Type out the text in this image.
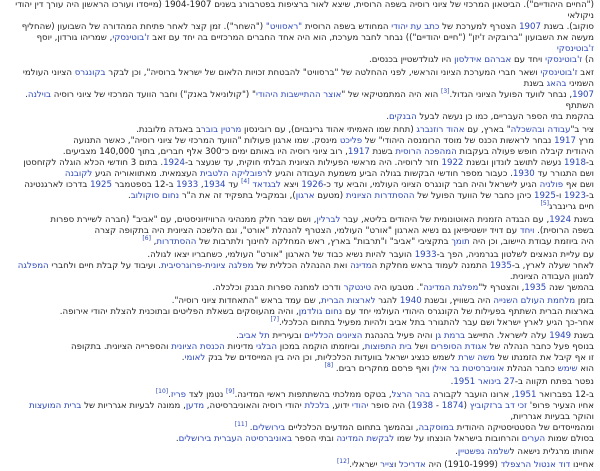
("החיים היהודיים"). הביטאון המרכזי של ציוני רוסיה בשפה הרוסית, שיצא לאור ברציפות בפטרבורג בשנים 1904-1907 (מייסדו ועורכו הראשון היה עורך דין יהודי ניקולאי
סוקוב). בשנת 1907 הצטרף למערכת של כתב עת יהודי המחודש בשפה הרוסית "ראסוויט" ("השחר"). זמן קצר לאחר פתיחת המהדורה של השבועון (שהחליף
מעשה את השבועון "ברובקיה ז'יזן" ("חיים יהודיים")) נבחר לחבר מערכת, הוא היה אחד החברים המרכזיים בה יחד עם זאב ז'בוטינסקי, שמריהו גורדון, יוסף ז'בוטינסקי
ה) ז'בוטינסקי ויחד עם אברהם אידלסון היו לגולדשטיין בכנסים.

זאב ז'בוטינסקי ושאר חברי המערכת הציוני והראשי, לפני ההחלטה של "ברסוויט" להבטחת זכויות הלאום של ישראל ברוסיה", וכן לבקר בקונגרס הציוני העולמי השמיני בהאג בשנת
1907, נבחר לוועד הפועל הציוני הגדול.[3] הוא היה המתמטיקאי של "אוצר ההתיישבות היהודי" ("קולוניאל באנק") וחבר הוועד המרכזי של ציוני רוסיה בוילנה. השתתף
בהקמת בתי הספר העבריים, כמו כן נעשה לבעל הבנקים.

ציר ב"עבודה ובהשכלה" בארץ, עם אהוד רוזנברג (תחת שמו האמיתי אהוד גרינבוים), עם רובינסון מרטין בוברב באגדה מלובנת.
מרץ 1917 נבחר לראשות הכנס של מוסד הרומנסה היהודי" של פליכט מינסק. שמו ארגון פעולות "הוועד המרכזי של ציוני רוסיה", כאשר התנועה
היהודית קיבלה חופש פעולה בעקבות המהפכה הרוסית בשנת 1917, רוב ציוני רוסיה היו באותם ימים כ־300 אלף חברים, בתוך 140,000 מצביעים.
ב-1918 נעשה לתושב לונדון ובשנת 1922 חזר לרוסיה. היה מראשי הפעילות הציונית הבלתי חוקית, עד שנעצר ב-1924. בתום 3 חודשי הכלא הוגלה לקזחסטן
ושם התגורר עד 1930. כעבור מספר חודשי הבקשות בגולה הביע משמעת העבודה והגיע לרפובליקה הלטבית העצמאית. מאתוואוריה הגיע לקובנה
ושם אף פולניה הגיע לישראל והיה חבר קונגרס הציוני העולמי, והביא עד כ-1926 ויצא לבגדאד [4] עד 1934, 1933 ב-12 בספטמבר 1925 בדרכו לארגנטינה
ב-1923 ו-1925 כיהן כחבר של הוועד הפועל של ההסתדרות הציונית (מטעם ארגון), ובמקביל בתפקיד זה את ה"ר נחום סוקולוב.
חיים גרינברג[5]

בשנת 1924, עם הבגדה הזמנית האוטונומית של היהודים בליטא, עבר לברלין, ושם שבר חלק ממנהיגי הרוויזיוניסטים, עם "אביב" (חברה לשיירת ספרות
בשפה הרוסית). ויחד עם דויד יושטיפיאן גם נשיא הארגון "אורט" העולמי, הצטרף להנהלת "אורט", וגם הלשכה הציונית היה בתקופה קצרה
היה ביוזמת עבודת היישוב, וכן היה תומך בתקציבי "אביב" ו"תרבות" בארץ, ראש המחלקה לחינוך ולתרבות של ההסתדרות, [6]

עם עליית הנאצים לשלטון בגרמניה, הפך ב-1933 הועבר להיות נשיא כבוד של הארגון "אורט" העולמי, כשחבריו יצאו לגולה.
לאחר שעלה לארץ, ב-1935 התמנה לעמוד בראש מחלקת המדינה ואת ההנהלה הכללית של מפלגה ציונית-פרוגרסיבית. ועיבוד על קבלת חיים ולחברי המפלגה למגוון העבודה הציונית.
בהמשך שנה 1935, והצטרף ל"מפלגת המדינה". מטבעו היה טינטקר ודרכו למחנה ספרות הבנק וכלכלה.

בזמן מלחמת העולם השנייה היה בשוויץ, ובשנת 1940 להגר לארצות הברית, שם עמד בראש "התאחדות ציוני רוסיה".
בארצות הברית השתתף בפעילות של הקונגרס היהודי העולמי יחד עם נחום גולדמן, והיה מהעוסקים בשאלת הפליטים ובתוכנית להצלת יהודי אירופה.
אחר-כך הגיע לארץ ישראל ושם עבר להתגורר בתל אביב ולהיות מפעיל בתחום הכלכלי.[7]

בשנת 1949 עלה לישראל. התיישב ברמת גן והיה פעיל בהנהגת הציונים הכלליים ובעיריית תל אביב.
בנוסף פעל כחבר הנהלה של אגודת הסופרים ושל בית התפוצות, וביוזמתו הוקמה במכון הבלגי מדיניות הכנסת הציונית והספרייה הציונית. בתקופה
זו אף קיבל את הזמנתו של משה שרת לשמש כנציג ישראל בוועדות הכלכליות, וכן היה בין המייסדים של בנק לאומי.
הוא שימש כחבר הנהלת אוניברסיטת בר אילן ואף פרסם מחקרים רבים. [8]

נפטר בפתח תקווה ב-27 בינואר 1951.

ב-12 בפברואר 1951, ארונו הועבר לקבורה בהר הרצל, בטקס ממלכתי בהשתתפות ראשי המדינה.[9] נטמן לצד פריז.[10]
אחיו הצעיר פרופ' זכי דב ברזקוביץ (1874 - 1938) היה סופר יהודי ידוע, בלכלת יהודי רוסיה והאוניברסיטה, מדען, ממונה לבעיות אגרריות של ברית המועצות והוקר בבעיות אגרריות,
ומהמייסדים של הסטטיסטיקה היהודית במוסקבה, ובהמשך בתחום המדעים הכלכליים בירושלים. [11]
בסולם שמות הערים והרחובות בישראל הונצחו על שמו לבקשת המדינה ובתי הספר באוניברסיטה העברית בירושלים.

אחותו מרגלית נישאה לשלמה גפשטיין.

אחיינו דוד אנטול הרצפלד (1910-1999) היה אדריכל וצייר ישראלי.[12]
